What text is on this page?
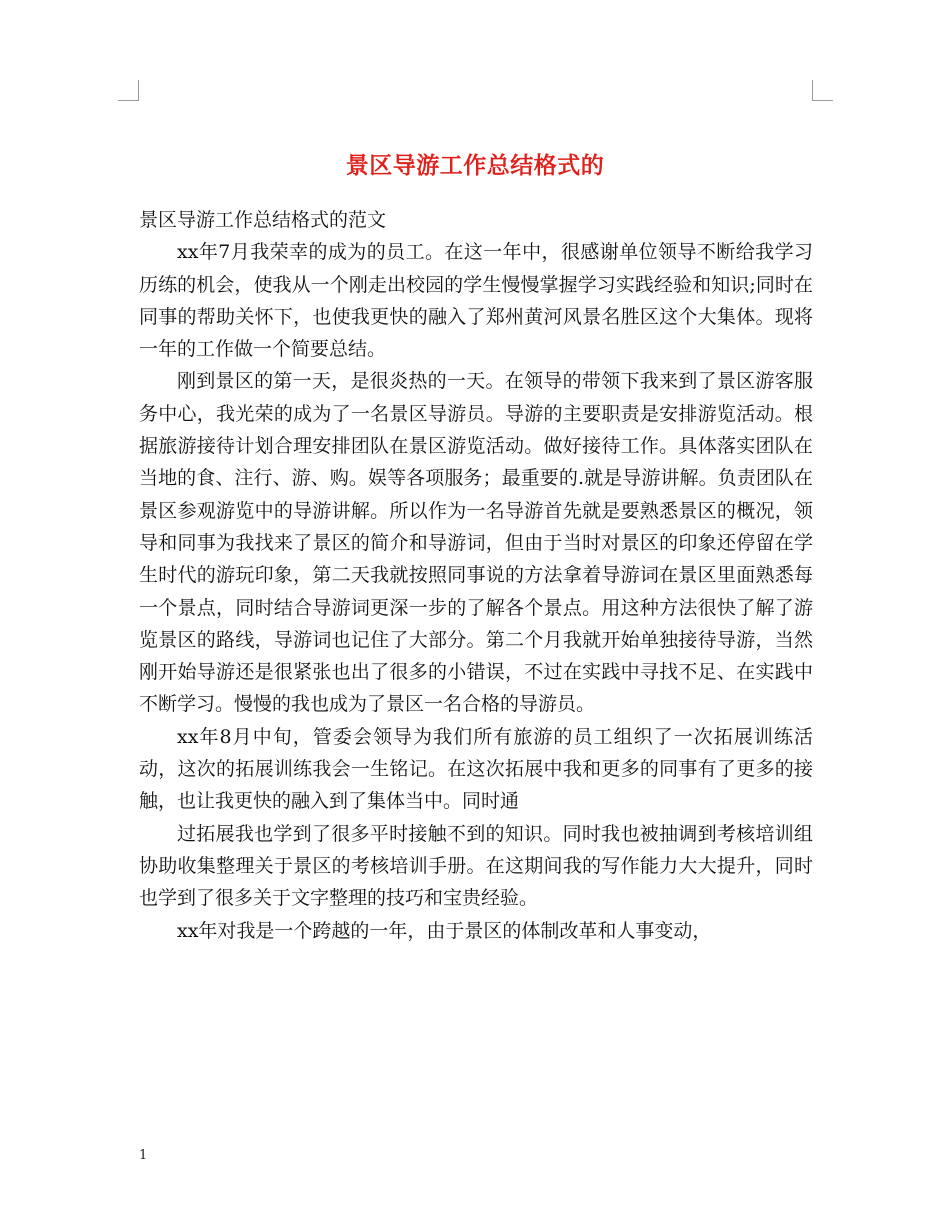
景区导游工作总结格式的

景区导游工作总结格式的范文

xx年7月我荣幸的成为的员工。在这一年中，很感谢单位领导不断给我学习历练的机会，使我从一个刚走出校园的学生慢慢掌握学习实践经验和知识;同时在同事的帮助关怀下，也使我更快的融入了郑州黄河风景名胜区这个大集体。现将一年的工作做一个简要总结。

刚到景区的第一天，是很炎热的一天。在领导的带领下我来到了景区游客服务中心，我光荣的成为了一名景区导游员。导游的主要职责是安排游览活动。根据旅游接待计划合理安排团队在景区游览活动。做好接待工作。具体落实团队在当地的食、注行、游、购。娱等各项服务；最重要的.就是导游讲解。负责团队在景区参观游览中的导游讲解。所以作为一名导游首先就是要熟悉景区的概况，领导和同事为我找来了景区的简介和导游词，但由于当时对景区的印象还停留在学生时代的游玩印象，第二天我就按照同事说的方法拿着导游词在景区里面熟悉每一个景点，同时结合导游词更深一步的了解各个景点。用这种方法很快了解了游览景区的路线，导游词也记住了大部分。第二个月我就开始单独接待导游，当然刚开始导游还是很紧张也出了很多的小错误，不过在实践中寻找不足、在实践中不断学习。慢慢的我也成为了景区一名合格的导游员。

xx年8月中旬，管委会领导为我们所有旅游的员工组织了一次拓展训练活动，这次的拓展训练我会一生铭记。在这次拓展中我和更多的同事有了更多的接触，也让我更快的融入到了集体当中。同时通

过拓展我也学到了很多平时接触不到的知识。同时我也被抽调到考核培训组协助收集整理关于景区的考核培训手册。在这期间我的写作能力大大提升，同时也学到了很多关于文字整理的技巧和宝贵经验。

xx年对我是一个跨越的一年，由于景区的体制改革和人事变动，

1
